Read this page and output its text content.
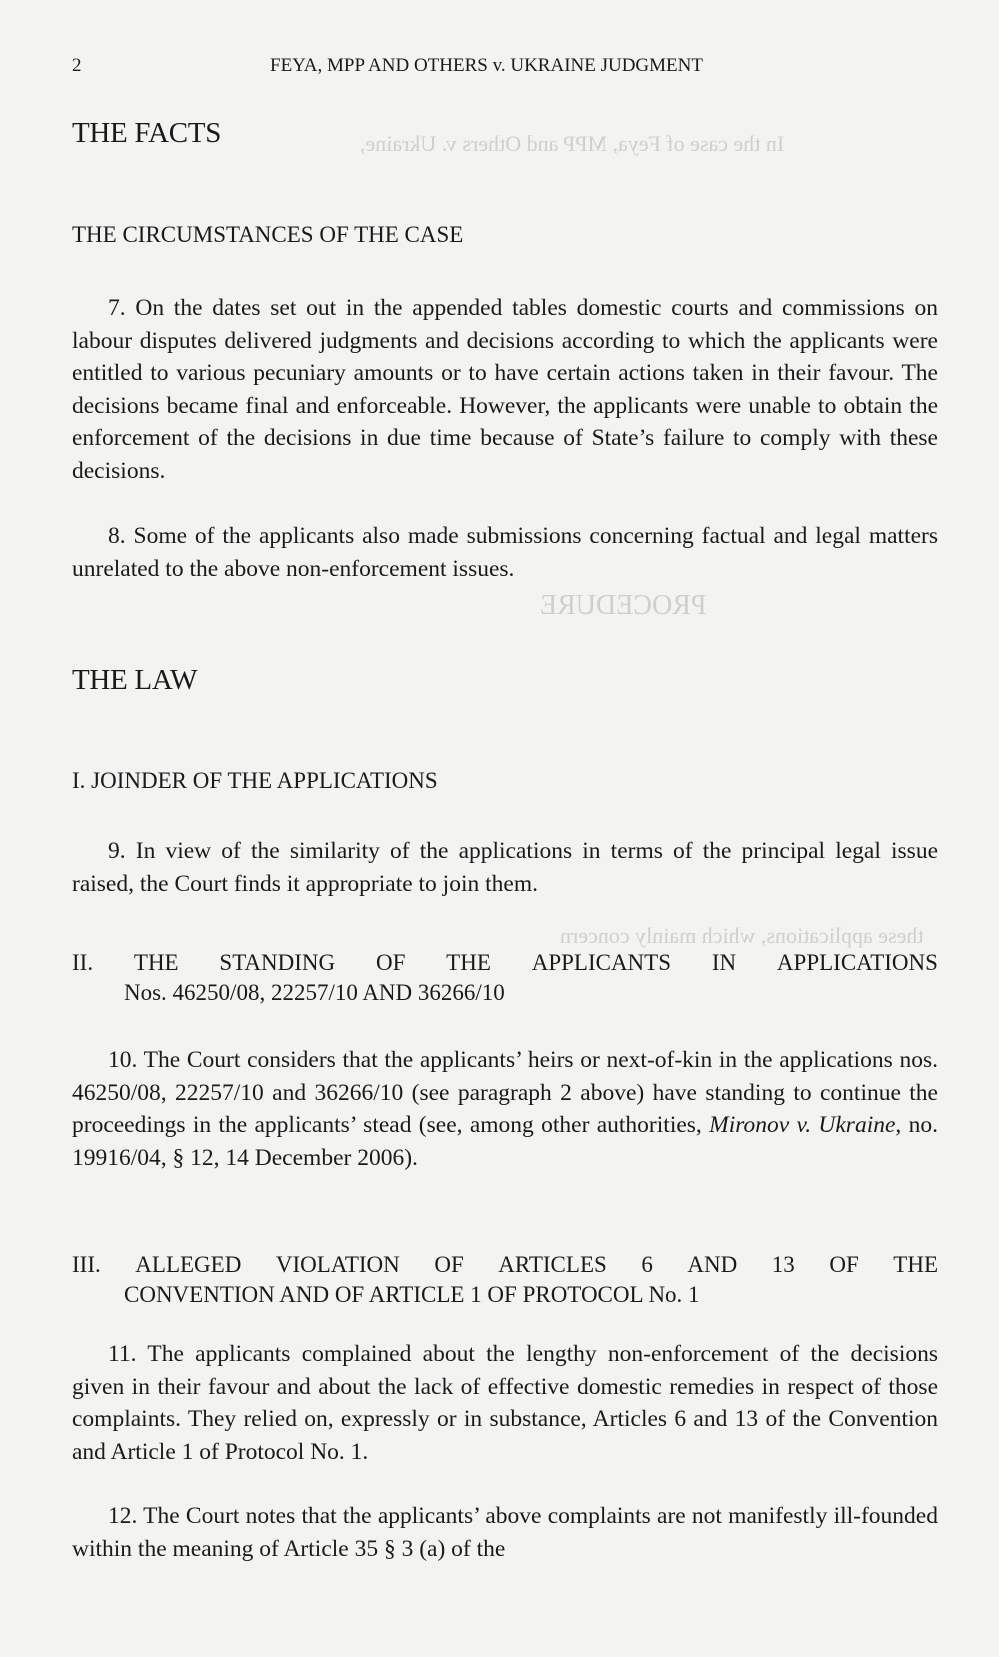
In the case of Feya, MPP and Others v. Ukraine,
PROCEDURE
these applications, which mainly concern
2	FEYA, MPP AND OTHERS v. UKRAINE JUDGMENT
THE FACTS
THE CIRCUMSTANCES OF THE CASE

7. On the dates set out in the appended tables domestic courts and commissions on labour disputes delivered judgments and decisions according to which the applicants were entitled to various pecuniary amounts or to have certain actions taken in their favour. The decisions became final and enforceable. However, the applicants were unable to obtain the enforcement of the decisions in due time because of State’s failure to comply with these decisions.

8. Some of the applicants also made submissions concerning factual and legal matters unrelated to the above non-enforcement issues.

THE LAW
I. JOINDER OF THE APPLICATIONS

9. In view of the similarity of the applications in terms of the principal legal issue raised, the Court finds it appropriate to join them.

II. THE STANDING OF THE APPLICANTS IN APPLICATIONS
Nos. 46250/08, 22257/10 AND 36266/10

10. The Court considers that the applicants’ heirs or next-of-kin in the applications nos. 46250/08, 22257/10 and 36266/10 (see paragraph 2 above) have standing to continue the proceedings in the applicants’ stead (see, among other authorities, Mironov v. Ukraine, no. 19916/04, § 12, 14 December 2006).

III. ALLEGED VIOLATION OF ARTICLES 6 AND 13 OF THE
CONVENTION AND OF ARTICLE 1 OF PROTOCOL No. 1

11. The applicants complained about the lengthy non-enforcement of the decisions given in their favour and about the lack of effective domestic remedies in respect of those complaints. They relied on, expressly or in substance, Articles 6 and 13 of the Convention and Article 1 of Protocol No. 1.

12. The Court notes that the applicants’ above complaints are not manifestly ill-founded within the meaning of Article 35 § 3 (a) of the
